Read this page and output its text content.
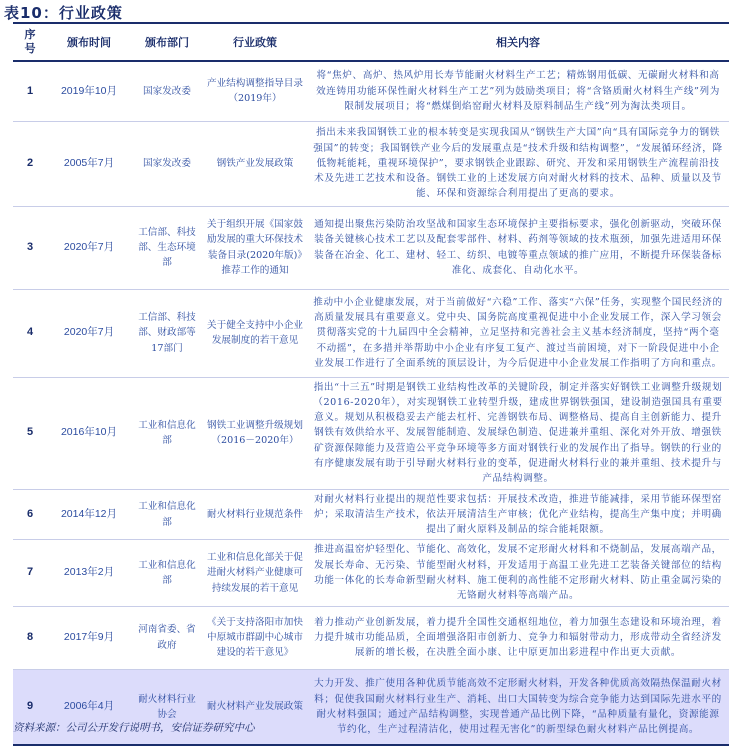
表10：行业政策
序号	颁布时间	颁布部门	行业政策	相关内容
1	2019年10月	国家发改委	产业结构调整指导目录（2019年）	将“焦炉、高炉、热风炉用长寿节能耐火材料生产工艺；精炼钢用低碳、无碳耐火材料和高效连铸用功能环保性耐火材料生产工艺”列为鼓励类项目；将“含铬质耐火材料生产线”列为限制发展项目；将“燃煤倒焰窑耐火材料及原料制品生产线”列为淘汰类项目。
2	2005年7月	国家发改委	钢铁产业发展政策	指出未来我国钢铁工业的根本转变是实现我国从“钢铁生产大国”向“具有国际竞争力的钢铁强国”的转变；我国钢铁产业今后的发展重点是“技术升级和结构调整”，“发展循环经济，降低物耗能耗，重视环境保护”，要求钢铁企业跟踪、研究、开发和采用钢铁生产流程前沿技术及先进工艺技术和设备。钢铁工业的上述发展方向对耐火材料的技术、品种、质量以及节能、环保和资源综合利用提出了更高的要求。
3	2020年7月	工信部、科技部、生态环境部	关于组织开展《国家鼓励发展的重大环保技术装备目录(2020年版)》推荐工作的通知	通知提出聚焦污染防治攻坚战和国家生态环境保护主要指标要求，强化创新驱动，突破环保装备关键核心技术工艺以及配套零部件、材料、药剂等领域的技术瓶颈，加强先进适用环保装备在冶金、化工、建材、轻工、纺织、电镀等重点领域的推广应用，不断提升环保装备标准化、成套化、自动化水平。
4	2020年7月	工信部、科技部、财政部等17部门	关于健全支持中小企业发展制度的若干意见	推动中小企业健康发展，对于当前做好“六稳”工作、落实“六保”任务，实现整个国民经济的高质量发展具有重要意义。党中央、国务院高度重视促进中小企业发展工作，深入学习领会贯彻落实党的十九届四中全会精神，立足坚持和完善社会主义基本经济制度，坚持“两个毫不动摇”，在多措并举帮助中小企业有序复工复产、渡过当前困境，对下一阶段促进中小企业发展工作进行了全面系统的顶层设计，为今后促进中小企业发展工作指明了方向和重点。
5	2016年10月	工业和信息化部	钢铁工业调整升级规划（2016－2020年）	指出“十三五”时期是钢铁工业结构性改革的关键阶段，制定并落实好钢铁工业调整升级规划（2016-2020年），对实现钢铁工业转型升级，建成世界钢铁强国，建设制造强国具有重要意义。规划从积极稳妥去产能去杠杆、完善钢铁布局、调整格局、提高自主创新能力、提升钢铁有效供给水平、发展智能制造、发展绿色制造、促进兼并重组、深化对外开放、增强铁矿资源保障能力及营造公平竞争环境等多方面对钢铁行业的发展作出了指导。钢铁的行业的有序健康发展有助于引导耐火材料行业的变革，促进耐火材料行业的兼并重组、技术提升与产品结构调整。
6	2014年12月	工业和信息化部	耐火材料行业规范条件	对耐火材料行业提出的规范性要求包括：开展技术改造，推进节能减排，采用节能环保型窑炉；采取清洁生产技术，依法开展清洁生产审核；优化产业结构，提高生产集中度；并明确提出了耐火原料及制品的综合能耗限额。
7	2013年2月	工业和信息化部	工业和信息化部关于促进耐火材料产业健康可持续发展的若干意见	推进高温窑炉轻型化、节能化、高效化，发展不定形耐火材料和不烧制品，发展高端产品，发展长寿命、无污染、节能型耐火材料，开发适用于高温工业先进工艺装备关键部位的结构功能一体化的长寿命新型耐火材料、施工便利的高性能不定形耐火材料、防止重金属污染的无铬耐火材料等高端产品。
8	2017年9月	河南省委、省政府	《关于支持洛阳市加快中原城市群副中心城市建设的若干意见》	着力推动产业创新发展，着力提升全国性交通枢纽地位，着力加强生态建设和环境治理，着力提升城市功能品质，全面增强洛阳市创新力、竞争力和辐射带动力，形成带动全省经济发展新的增长极，在决胜全面小康、让中原更加出彩进程中作出更大贡献。
9	2006年4月	耐火材料行业协会	耐火材料产业发展政策	大力开发、推广使用各种优质节能高效不定形耐火材料，开发各种优质高效隔热保温耐火材料；促使我国耐火材料行业生产、消耗、出口大国转变为综合竞争能力达到国际先进水平的耐火材料强国；通过产品结构调整，实现普通产品比例下降，“品种质量有量化，资源能源节约化，生产过程清洁化，使用过程无害化”的新型绿色耐火材料产品比例提高。
资料来源：公司公开发行说明书，安信证券研究中心
